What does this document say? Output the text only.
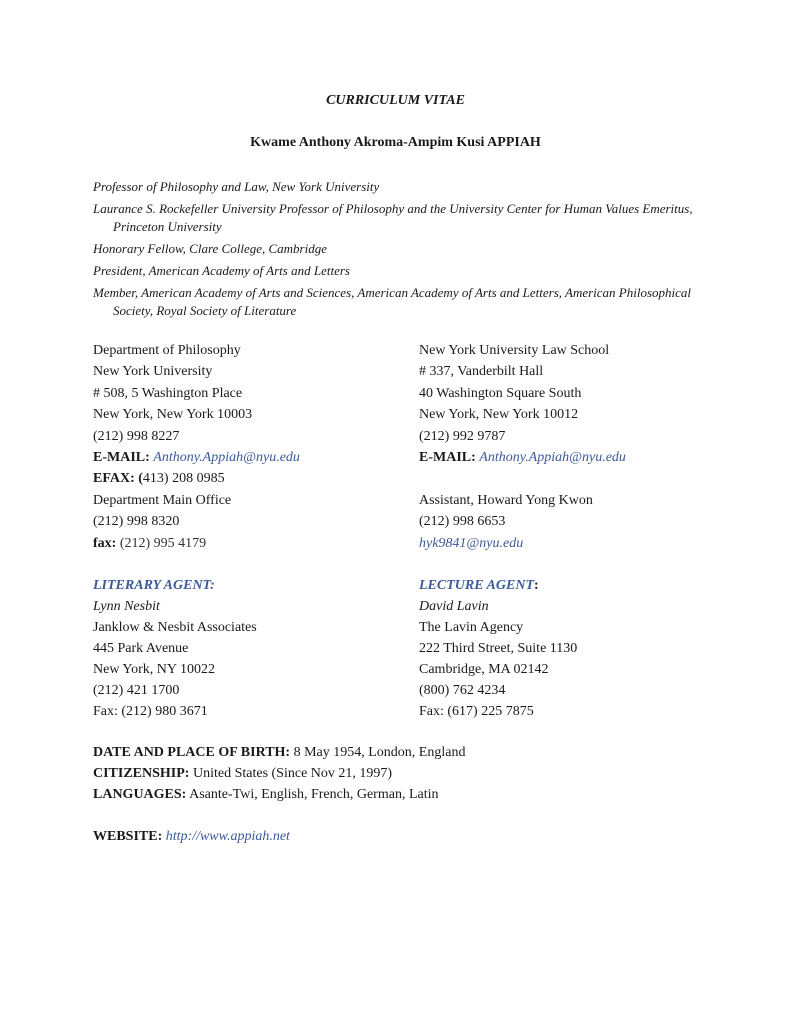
CURRICULUM VITAE
Kwame Anthony Akroma-Ampim Kusi APPIAH
Professor of Philosophy and Law, New York University
Laurance S. Rockefeller University Professor of Philosophy and the University Center for Human Values Emeritus, Princeton University
Honorary Fellow, Clare College, Cambridge
President, American Academy of Arts and Letters
Member, American Academy of Arts and Sciences, American Academy of Arts and Letters, American Philosophical Society, Royal Society of Literature
Department of Philosophy
New York University
# 508, 5 Washington Place
New York, New York 10003
(212) 998 8227
E-MAIL: Anthony.Appiah@nyu.edu
EFAX: (413) 208 0985
Department Main Office
(212) 998 8320
fax: (212) 995 4179
New York University Law School
# 337, Vanderbilt Hall
40 Washington Square South
New York, New York 10012
(212) 992 9787
E-MAIL: Anthony.Appiah@nyu.edu
Assistant, Howard Yong Kwon
(212) 998 6653
hyk9841@nyu.edu
LITERARY AGENT:
Lynn Nesbit
Janklow & Nesbit Associates
445 Park Avenue
New York, NY 10022
(212) 421 1700
Fax: (212) 980 3671
LECTURE AGENT:
David Lavin
The Lavin Agency
222 Third Street, Suite 1130
Cambridge, MA 02142
(800) 762 4234
Fax: (617) 225 7875
DATE AND PLACE OF BIRTH: 8 May 1954, London, England
CITIZENSHIP: United States (Since Nov 21, 1997)
LANGUAGES: Asante-Twi, English, French, German, Latin
WEBSITE: http://www.appiah.net
